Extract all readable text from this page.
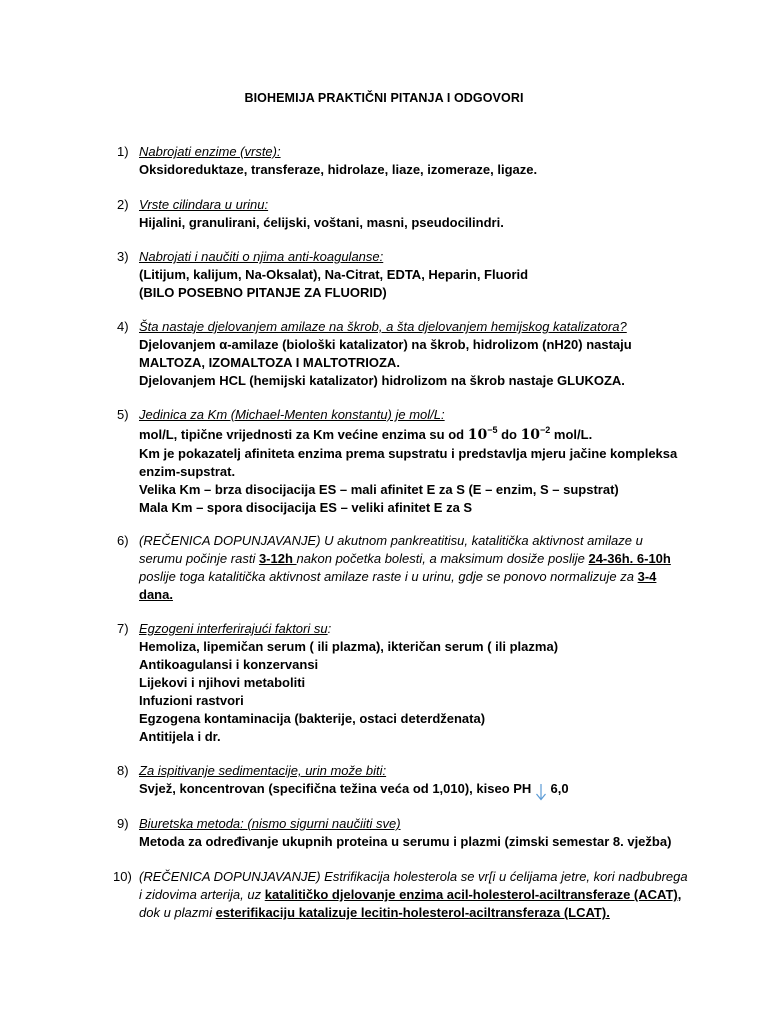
BIOHEMIJA PRAKTIČNI PITANJA I ODGOVORI
1) Nabrojati enzime (vrste):
Oksidoreduktaze, transferaze, hidrolaze, liaze, izomeraze, ligaze.
2) Vrste cilindara u urinu:
Hijalini, granulirani, ćelijski, voštani, masni, pseudocilindri.
3) Nabrojati i naučiti o njima anti-koagulanse:
(Litijum, kalijum, Na-Oksalat), Na-Citrat, EDTA, Heparin, Fluorid
(BILO POSEBNO PITANJE ZA FLUORID)
4) Šta nastaje djelovanjem amilaze na škrob, a šta djelovanjem hemijskog katalizatora?
Djelovanjem α-amilaze (biološki katalizator) na škrob, hidrolizom (nH20) nastaju
MALTOZA, IZOMALTOZA I MALTOTRIOZA.
Djelovanjem HCL (hemijski katalizator) hidrolizom na škrob nastaje GLUKOZA.
5) Jedinica za Km (Michael-Menten konstantu) je mol/L:
mol/L, tipične vrijednosti za Km većine enzima su od $10^{-5}$ do $10^{-2}$ mol/L.
Km je pokazatelj afiniteta enzima prema supstratu i predstavlja mjeru jačine kompleksa
enzim-supstrat.
Velika Km – brza disocijacija ES – mali afinitet E za S (E – enzim, S – supstrat)
Mala Km – spora disocijacija ES – veliki afinitet E za S
6) (REČENICA DOPUNJAVANJE) U akutnom pankreatitisu, katalitička aktivnost amilaze u
serumu počinje rasti 3-12h nakon početka bolesti, a maksimum dosiže poslije 24-36h. 6-10h
poslije toga katalitička aktivnost amilaze raste i u urinu, gdje se ponovo normalizuje za 3-4
dana.
7) Egzogeni interferirajući faktori su:
Hemoliza, lipemičan serum ( ili plazma), iktеričan serum ( ili plazma)
Antikoagulansi i konzervansi
Lijekovi i njihovi metaboliti
Infuzioni rastvori
Egzogena kontaminacija (bakterije, ostaci deterdženata)
Antitijela i dr.
8) Za ispitivanje sedimentacije, urin može biti:
Svjež, koncentrovan (specifična težina veća od 1,010), kiseo PH  6,0
9) Biuretska metoda: (nismo sigurni naučiiti sve)
Metoda za određivanje ukupnih proteina u serumu i plazmi (zimski semestar 8. vježba)
10) (REČENICA DOPUNJAVANJE) Estrifikacija holesterola se vr[i u ćelijama jetre, kori nadbubrega
i zidovima arterija, uz katalitičko djelovanje enzima acil-holesterol-aciltransferaze (ACAT),
dok u plazmi esterifikaciju katalizuje lecitin-holesterol-aciltransferaza (LCAT).
